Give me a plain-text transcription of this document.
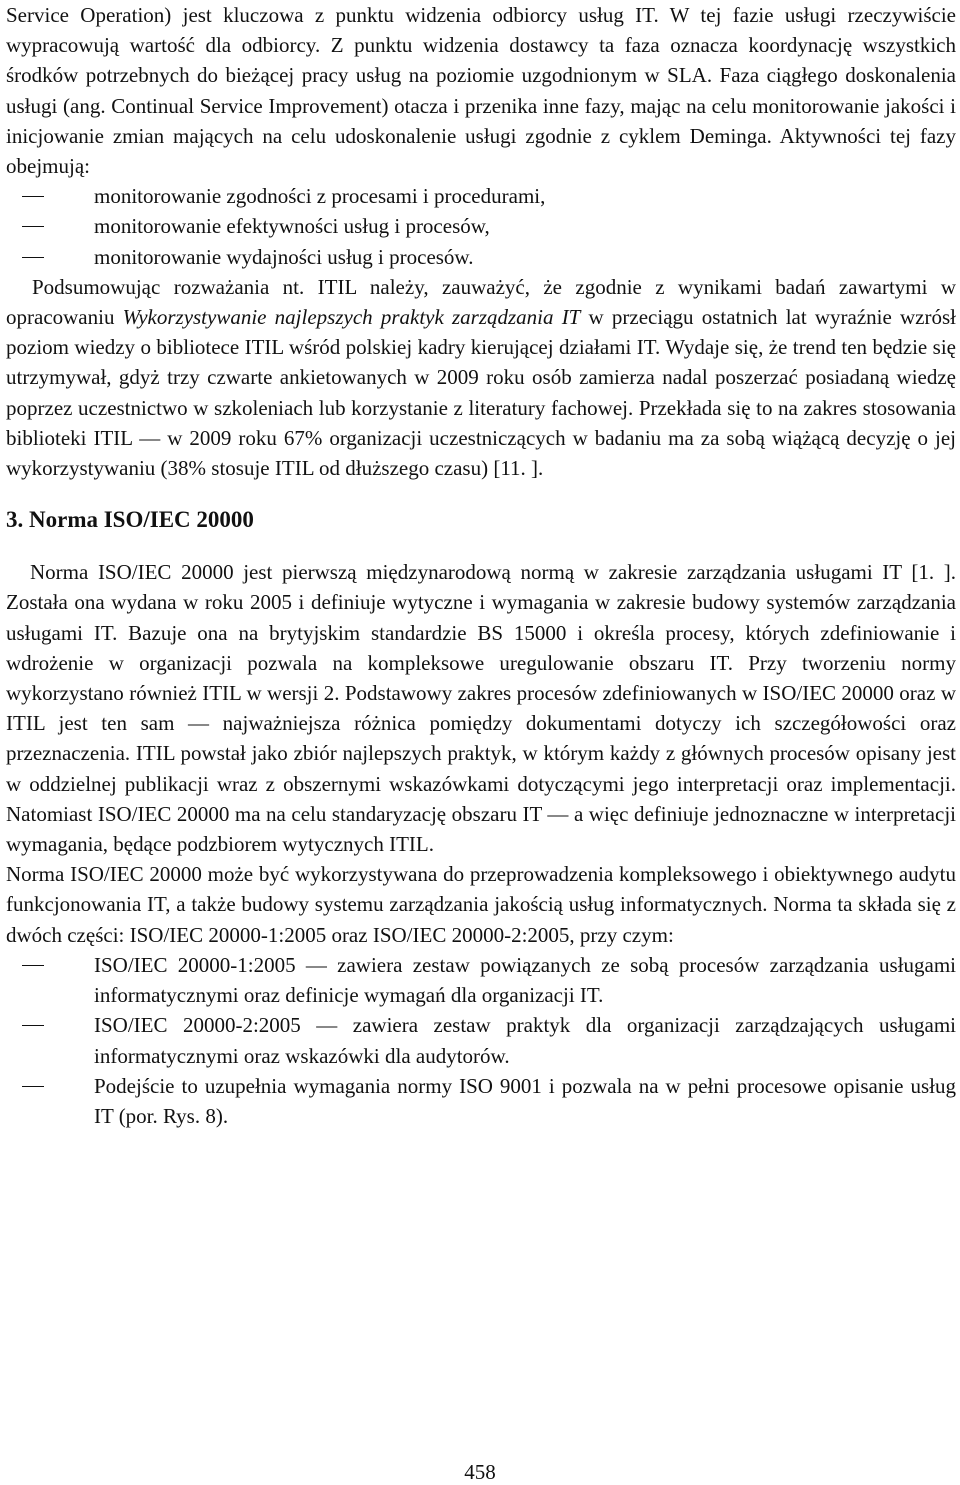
Service Operation) jest kluczowa z punktu widzenia odbiorcy usług IT. W tej fazie usługi rzeczywiście wypracowują wartość dla odbiorcy. Z punktu widzenia dostawcy ta faza oznacza koordynację wszystkich środków potrzebnych do bieżącej pracy usług na poziomie uzgodnionym w SLA. Faza ciągłego doskonalenia usługi (ang. Continual Service Improvement) otacza i przenika inne fazy, mając na celu monitorowanie jakości i inicjowanie zmian mających na celu udoskonalenie usługi zgodnie z cyklem Deminga. Aktywności tej fazy obejmują:

monitorowanie zgodności z procesami i procedurami,
monitorowanie efektywności usług i procesów,
monitorowanie wydajności usług i procesów.

Podsumowując rozważania nt. ITIL należy, zauważyć, że zgodnie z wynikami badań zawartymi w opracowaniu Wykorzystywanie najlepszych praktyk zarządzania IT w przeciągu ostatnich lat wyraźnie wzrósł poziom wiedzy o bibliotece ITIL wśród polskiej kadry kierującej działami IT. Wydaje się, że trend ten będzie się utrzymywał, gdyż trzy czwarte ankietowanych w 2009 roku osób zamierza nadal poszerzać posiadaną wiedzę poprzez uczestnictwo w szkoleniach lub korzystanie z literatury fachowej. Przekłada się to na zakres stosowania biblioteki ITIL — w 2009 roku 67% organizacji uczestniczących w badaniu ma za sobą wiążącą decyzję o jej wykorzystywaniu (38% stosuje ITIL od dłuższego czasu) [11. ].

3. Norma ISO/IEC 20000

Norma ISO/IEC 20000 jest pierwszą międzynarodową normą w zakresie zarządzania usługami IT [1. ]. Została ona wydana w roku 2005 i definiuje wytyczne i wymagania w zakresie budowy systemów zarządzania usługami IT. Bazuje ona na brytyjskim standardzie BS 15000 i określa procesy, których zdefiniowanie i wdrożenie w organizacji pozwala na kompleksowe uregulowanie obszaru IT. Przy tworzeniu normy wykorzystano również ITIL w wersji 2. Podstawowy zakres procesów zdefiniowanych w ISO/IEC 20000 oraz w ITIL jest ten sam — najważniejsza różnica pomiędzy dokumentami dotyczy ich szczegółowości oraz przeznaczenia. ITIL powstał jako zbiór najlepszych praktyk, w którym każdy z głównych procesów opisany jest w oddzielnej publikacji wraz z obszernymi wskazówkami dotyczącymi jego interpretacji oraz implementacji. Natomiast ISO/IEC 20000 ma na celu standaryzację obszaru IT — a więc definiuje jednoznaczne w interpretacji wymagania, będące podzbiorem wytycznych ITIL.

Norma ISO/IEC 20000 może być wykorzystywana do przeprowadzenia kompleksowego i obiektywnego audytu funkcjonowania IT, a także budowy systemu zarządzania jakością usług informatycznych. Norma ta składa się z dwóch części: ISO/IEC 20000-1:2005 oraz ISO/IEC 20000-2:2005, przy czym:

ISO/IEC 20000-1:2005 — zawiera zestaw powiązanych ze sobą procesów zarządzania usługami informatycznymi oraz definicje wymagań dla organizacji IT.
ISO/IEC 20000-2:2005 — zawiera zestaw praktyk dla organizacji zarządzających usługami informatycznymi oraz wskazówki dla audytorów.
Podejście to uzupełnia wymagania normy ISO 9001 i pozwala na w pełni procesowe opisanie usług IT (por. Rys. 8).
458
